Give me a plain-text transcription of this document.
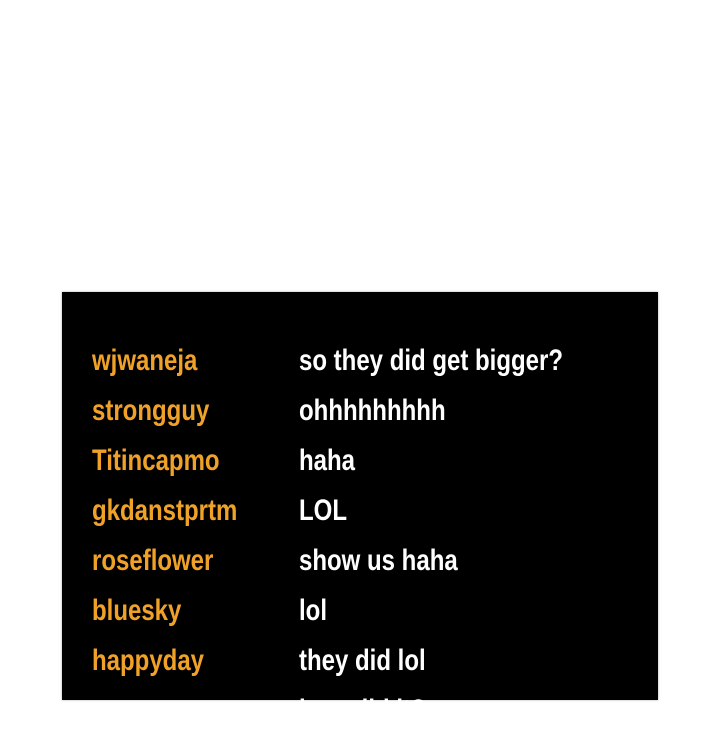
wjwaneja	so they did get bigger?
strongguy	ohhhhhhhhh
Titincapmo	haha
gkdanstprtm LOL
roseflower	show us haha
bluesky	lol
happyday	they did lol
how did it?
